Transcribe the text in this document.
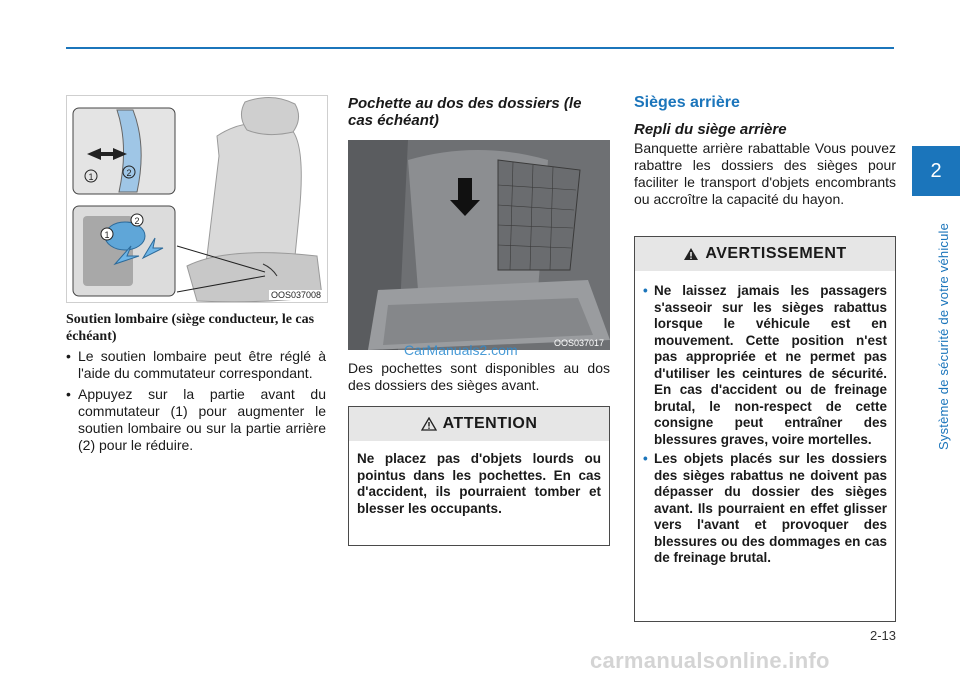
2
Système de sécurité de votre véhicule
1	2
1
2
OOS037008
Soutien lombaire (siège conducteur, le cas échéant)
• Le soutien lombaire peut être réglé à l'aide du commutateur correspondant.
• Appuyez sur la partie avant du commutateur (1) pour augmenter le soutien lombaire ou sur la partie arrière (2) pour le réduire.
Pochette au dos des dossiers (le cas échéant)
OOS037017
CarManuals2.com
Des pochettes sont disponibles au dos des dossiers des sièges avant.
ATTENTION
Ne placez pas d'objets lourds ou pointus dans les pochettes. En cas d'accident, ils pourraient tomber et blesser les occupants.
Sièges arrière
Repli du siège arrière
Banquette arrière rabattable Vous pouvez rabattre les dossiers des sièges pour faciliter le transport d'objets encombrants ou accroître la capacité du hayon.
AVERTISSEMENT
• Ne laissez jamais les passagers s'asseoir sur les sièges rabattus lorsque le véhicule est en mouvement. Cette position n'est pas appropriée et ne permet pas d'utiliser les ceintures de sécurité. En cas d'accident ou de freinage brutal, le non-respect de cette consigne peut entraîner des blessures graves, voire mortelles.
• Les objets placés sur les dossiers des sièges rabattus ne doivent pas dépasser du dossier des sièges avant. Ils pourraient en effet glisser vers l'avant et provoquer des blessures ou des dommages en cas de freinage brutal.
2-13
carmanualsonline.info
